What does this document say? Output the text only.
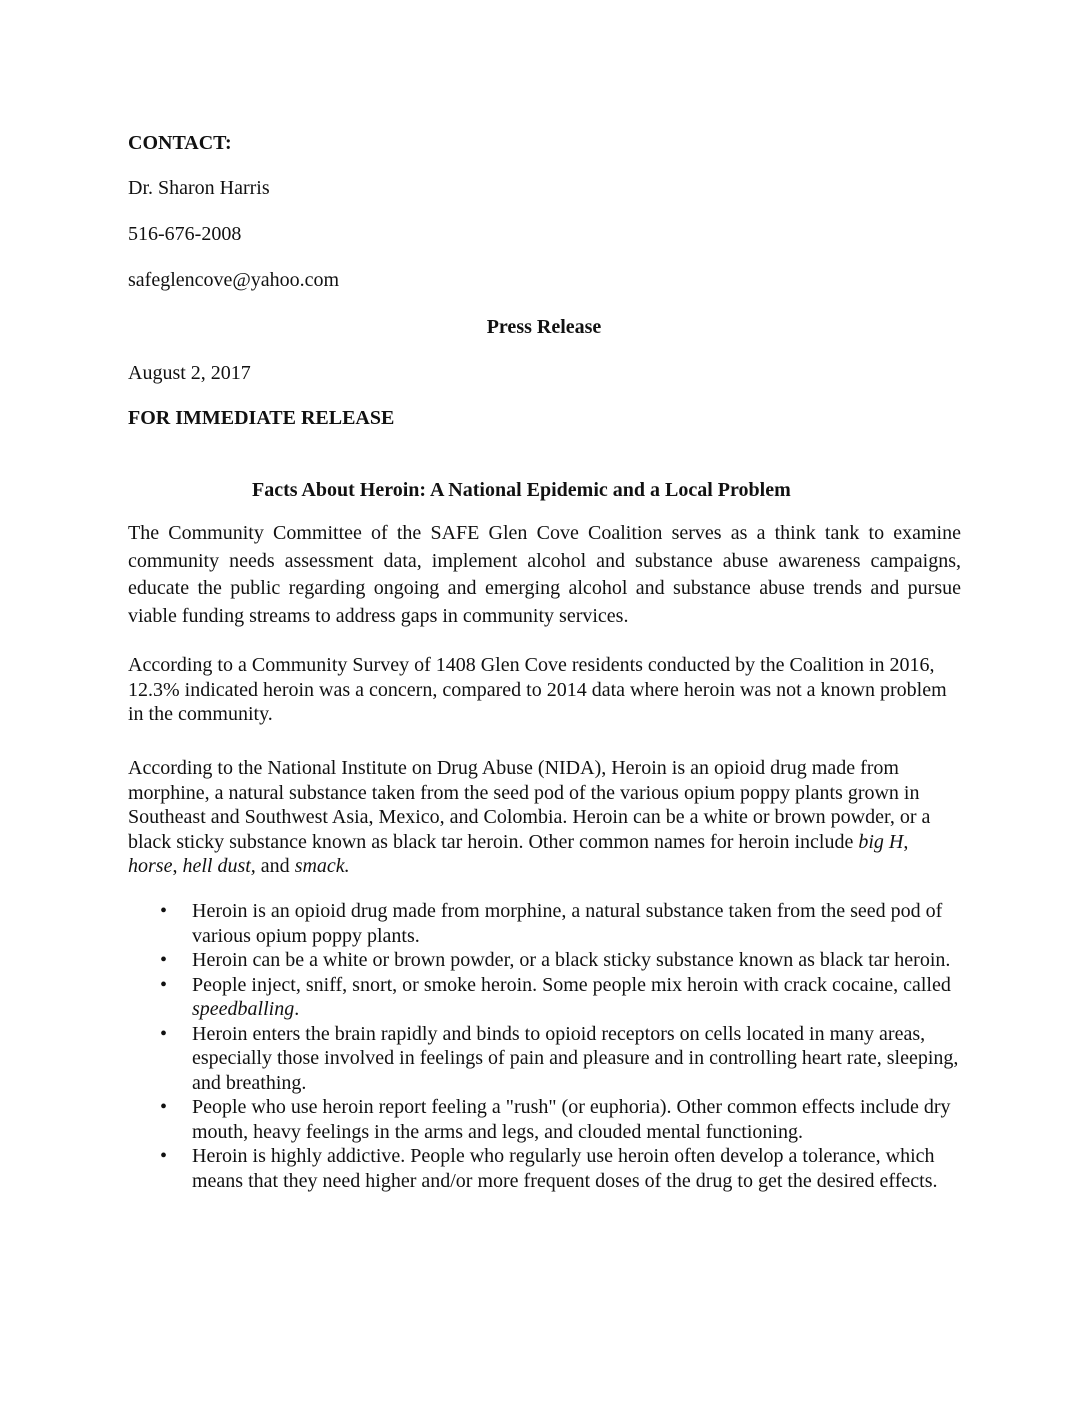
CONTACT:
Dr. Sharon Harris
516-676-2008
safeglencove@yahoo.com
Press Release
August 2, 2017
FOR IMMEDIATE RELEASE
Facts About Heroin: A National Epidemic and a Local Problem
The Community Committee of the SAFE Glen Cove Coalition serves as a think tank to examine community needs assessment data, implement alcohol and substance abuse awareness campaigns, educate the public regarding ongoing and emerging alcohol and substance abuse trends and pursue viable funding streams to address gaps in community services.
According to a Community Survey of 1408 Glen Cove residents conducted by the Coalition in 2016, 12.3% indicated heroin was a concern, compared to 2014 data where heroin was not a known problem in the community.
According to the National Institute on Drug Abuse (NIDA), Heroin is an opioid drug made from morphine, a natural substance taken from the seed pod of the various opium poppy plants grown in Southeast and Southwest Asia, Mexico, and Colombia. Heroin can be a white or brown powder, or a black sticky substance known as black tar heroin. Other common names for heroin include big H, horse, hell dust, and smack.
•	Heroin is an opioid drug made from morphine, a natural substance taken from the seed pod of various opium poppy plants.
•	Heroin can be a white or brown powder, or a black sticky substance known as black tar heroin.
•	People inject, sniff, snort, or smoke heroin. Some people mix heroin with crack cocaine, called speedballing.
•	Heroin enters the brain rapidly and binds to opioid receptors on cells located in many areas, especially those involved in feelings of pain and pleasure and in controlling heart rate, sleeping, and breathing.
•	People who use heroin report feeling a "rush" (or euphoria). Other common effects include dry mouth, heavy feelings in the arms and legs, and clouded mental functioning.
•	Heroin is highly addictive. People who regularly use heroin often develop a tolerance, which means that they need higher and/or more frequent doses of the drug to get the desired effects.
